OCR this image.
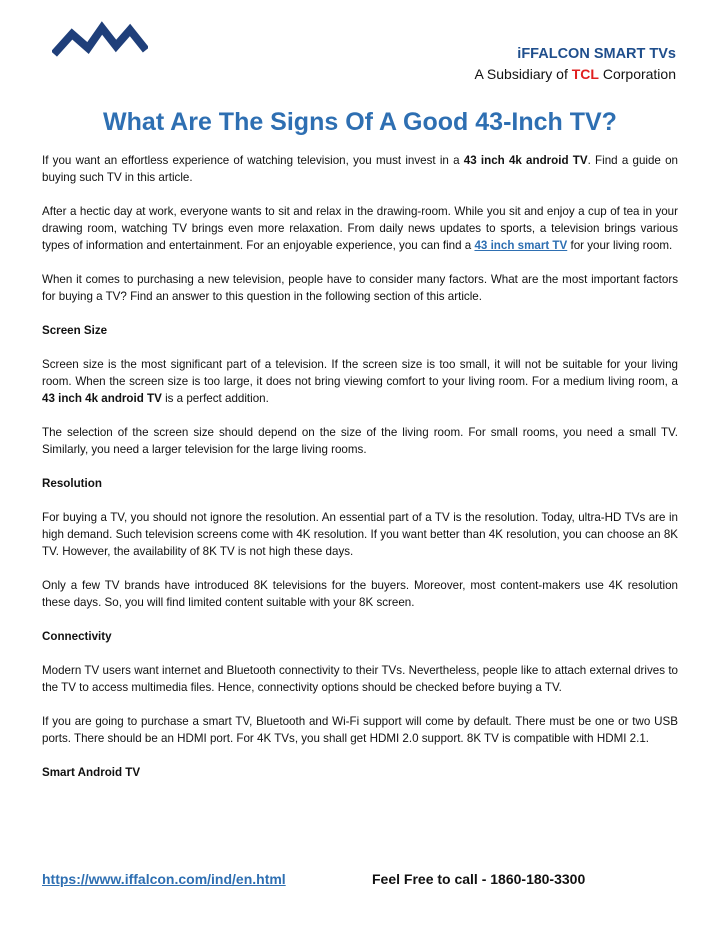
iFFALCON SMART TVs
A Subsidiary of TCL Corporation
What Are The Signs Of A Good 43-Inch TV?

If you want an effortless experience of watching television, you must invest in a 43 inch 4k android TV. Find a guide on buying such TV in this article.

After a hectic day at work, everyone wants to sit and relax in the drawing-room. While you sit and enjoy a cup of tea in your drawing room, watching TV brings even more relaxation. From daily news updates to sports, a television brings various types of information and entertainment. For an enjoyable experience, you can find a 43 inch smart TV for your living room.

When it comes to purchasing a new television, people have to consider many factors. What are the most important factors for buying a TV? Find an answer to this question in the following section of this article.

Screen Size

Screen size is the most significant part of a television. If the screen size is too small, it will not be suitable for your living room. When the screen size is too large, it does not bring viewing comfort to your living room. For a medium living room, a 43 inch 4k android TV is a perfect addition.

The selection of the screen size should depend on the size of the living room. For small rooms, you need a small TV. Similarly, you need a larger television for the large living rooms.

Resolution

For buying a TV, you should not ignore the resolution. An essential part of a TV is the resolution. Today, ultra-HD TVs are in high demand. Such television screens come with 4K resolution. If you want better than 4K resolution, you can choose an 8K TV. However, the availability of 8K TV is not high these days.

Only a few TV brands have introduced 8K televisions for the buyers. Moreover, most content-makers use 4K resolution these days. So, you will find limited content suitable with your 8K screen.

Connectivity

Modern TV users want internet and Bluetooth connectivity to their TVs. Nevertheless, people like to attach external drives to the TV to access multimedia files. Hence, connectivity options should be checked before buying a TV.

If you are going to purchase a smart TV, Bluetooth and Wi-Fi support will come by default. There must be one or two USB ports. There should be an HDMI port. For 4K TVs, you shall get HDMI 2.0 support. 8K TV is compatible with HDMI 2.1.

Smart Android TV
https://www.iffalcon.com/ind/en.html	Feel Free to call - 1860-180-3300
